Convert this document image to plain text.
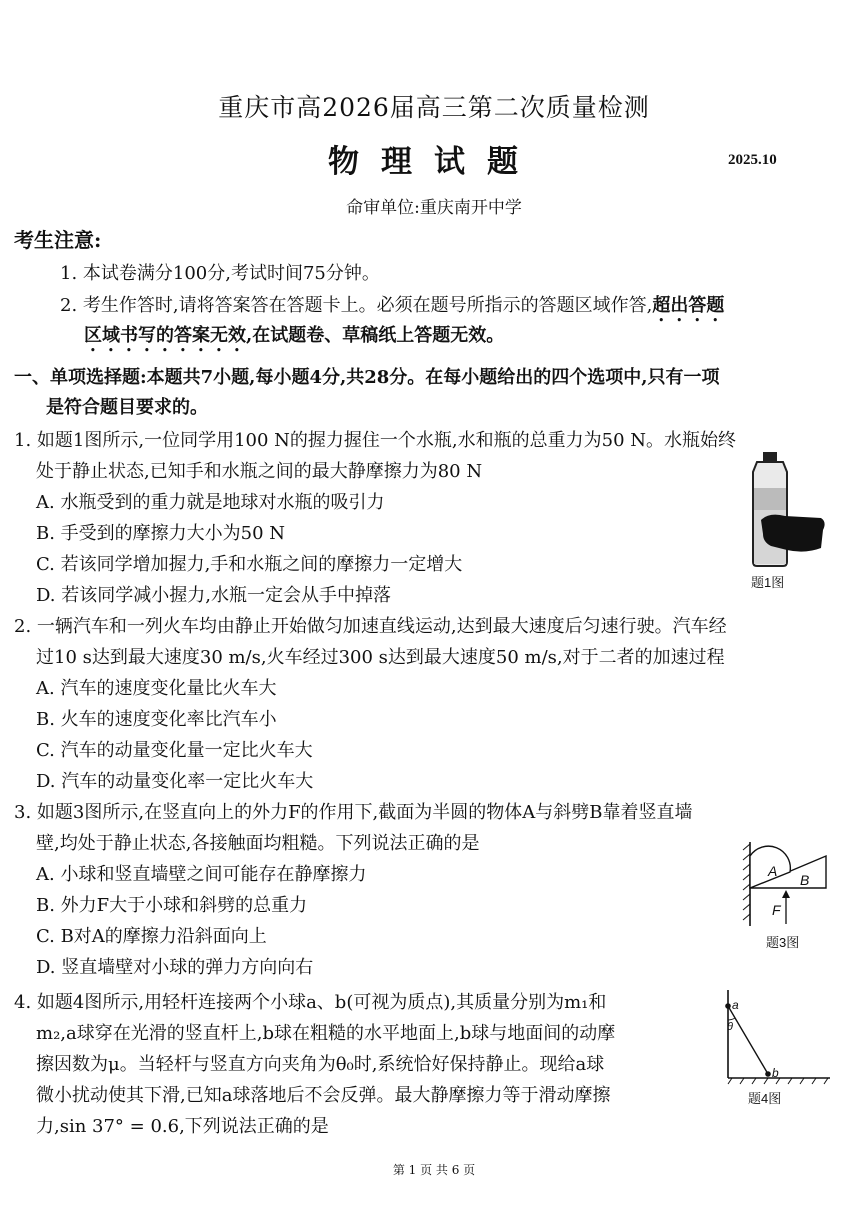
重庆市高2026届高三第二次质量检测
物理试题	2025.10
命审单位:重庆南开中学
考生注意:
1. 本试卷满分100分,考试时间75分钟。
2. 考生作答时,请将答案答在答题卡上。必须在题号所指示的答题区域作答,超出答题
区域书写的答案无效,在试题卷、草稿纸上答题无效。
一、单项选择题:本题共7小题,每小题4分,共28分。在每小题给出的四个选项中,只有一项
是符合题目要求的。
1. 如题1图所示,一位同学用100 N的握力握住一个水瓶,水和瓶的总重力为50 N。水瓶始终
处于静止状态,已知手和水瓶之间的最大静摩擦力为80 N
A. 水瓶受到的重力就是地球对水瓶的吸引力
B. 手受到的摩擦力大小为50 N
C. 若该同学增加握力,手和水瓶之间的摩擦力一定增大
D. 若该同学减小握力,水瓶一定会从手中掉落
题1图
2. 一辆汽车和一列火车均由静止开始做匀加速直线运动,达到最大速度后匀速行驶。汽车经
过10 s达到最大速度30 m/s,火车经过300 s达到最大速度50 m/s,对于二者的加速过程
A. 汽车的速度变化量比火车大
B. 火车的速度变化率比汽车小
C. 汽车的动量变化量一定比火车大
D. 汽车的动量变化率一定比火车大
3. 如题3图所示,在竖直向上的外力F的作用下,截面为半圆的物体A与斜劈B靠着竖直墙
壁,均处于静止状态,各接触面均粗糙。下列说法正确的是
A. 小球和竖直墙壁之间可能存在静摩擦力
B. 外力F大于小球和斜劈的总重力
C. B对A的摩擦力沿斜面向上
D. 竖直墙壁对小球的弹力方向向右
A
B
F
题3图
4. 如题4图所示,用轻杆连接两个小球a、b(可视为质点),其质量分别为m₁和
m₂,a球穿在光滑的竖直杆上,b球在粗糙的水平地面上,b球与地面间的动摩
擦因数为μ。当轻杆与竖直方向夹角为θ₀时,系统恰好保持静止。现给a球
微小扰动使其下滑,已知a球落地后不会反弹。最大静摩擦力等于滑动摩擦
力,sin 37° = 0.6,下列说法正确的是
a
θ
b
题4图
第 1 页 共 6 页
